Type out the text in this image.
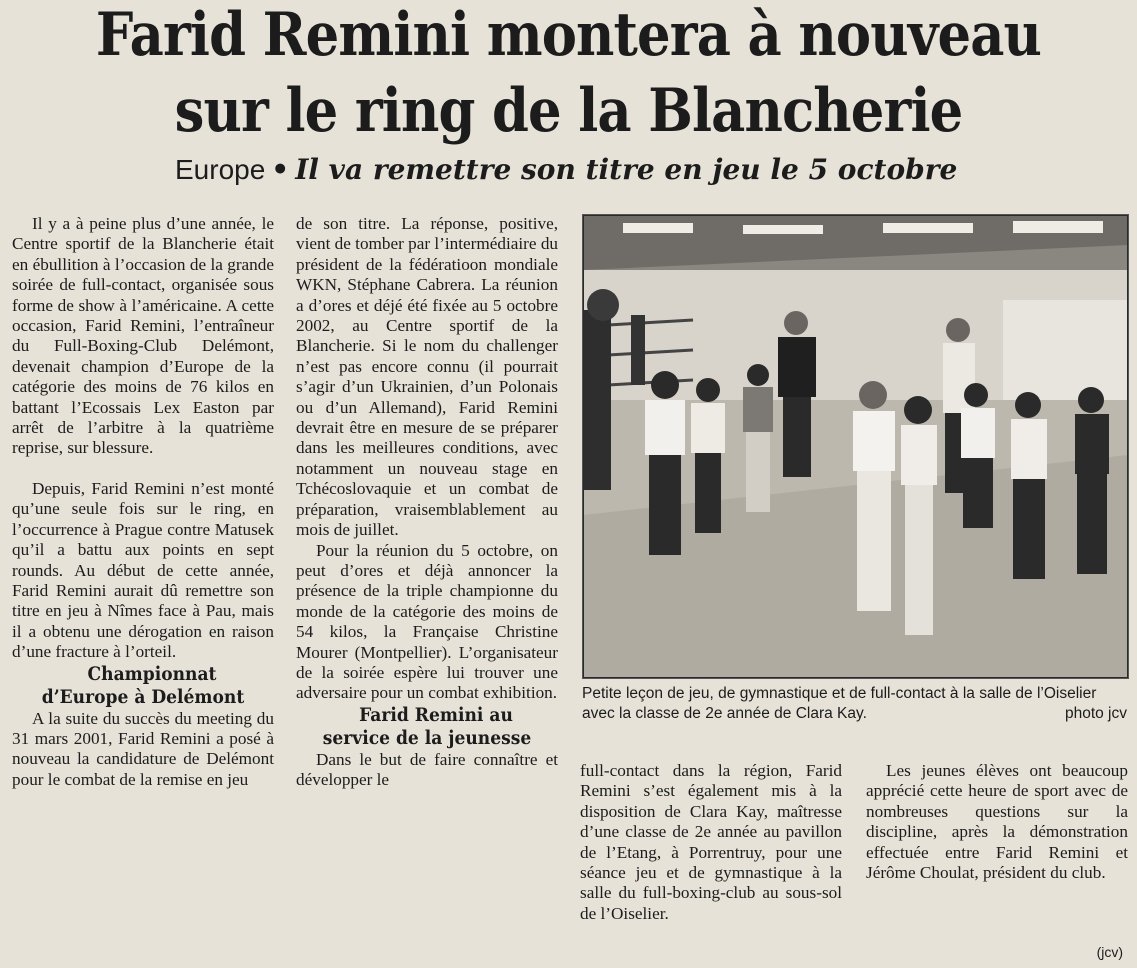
Farid Remini montera à nouveau
sur le ring de la Blancherie
Europe • Il va remettre son titre en jeu le 5 octobre

Il y a à peine plus d’une année, le Centre sportif de la Blancherie était en ébullition à l’occasion de la grande soirée de full-contact, organisée sous forme de show à l’américaine. A cette occasion, Farid Remini, l’entraîneur du Full-Boxing-Club Delémont, devenait champion d’Europe de la catégorie des moins de 76 kilos en battant l’Ecossais Lex Easton par arrêt de l’arbitre à la quatrième reprise, sur blessure.

Depuis, Farid Remini n’est monté qu’une seule fois sur le ring, en l’occurrence à Prague contre Matusek qu’il a battu aux points en sept rounds. Au début de cette année, Farid Remini aurait dû remettre son titre en jeu à Nîmes face à Pau, mais il a obtenu une dérogation en raison d’une fracture à l’orteil.

Championnat d’Europe à Delémont

A la suite du succès du meeting du 31 mars 2001, Farid Remini a posé à nouveau la candidature de Delémont pour le combat de la remise en jeu

de son titre. La réponse, positive, vient de tomber par l’intermédiaire du président de la fédératioon mondiale WKN, Stéphane Cabrera. La réunion a d’ores et déjé été fixée au 5 octobre 2002, au Centre sportif de la Blancherie. Si le nom du challenger n’est pas encore connu (il pourrait s’agir d’un Ukrainien, d’un Polonais ou d’un Allemand), Farid Remini devrait être en mesure de se préparer dans les meilleures conditions, avec notamment un nouveau stage en Tchécoslovaquie et un combat de préparation, vraisemblablement au mois de juillet.

Pour la réunion du 5 octobre, on peut d’ores et déjà annoncer la présence de la triple championne du monde de la catégorie des moins de 54 kilos, la Française Christine Mourer (Montpellier). L’organisateur de la soirée espère lui trouver une adversaire pour un combat exhibition.

Farid Remini au service de la jeunesse

Dans le but de faire connaître et développer le

Petite leçon de jeu, de gymnastique et de full-contact à la salle de l’Oiselier avec la classe de 2e année de Clara Kay.	photo jcv

full-contact dans la région, Farid Remini s’est également mis à la disposition de Clara Kay, maîtresse d’une classe de 2e année au pavillon de l’Etang, à Porrentruy, pour une séance jeu et de gymnastique à la salle du full-boxing-club au sous-sol de l’Oiselier.

Les jeunes élèves ont beaucoup apprécié cette heure de sport avec de nombreuses questions sur la discipline, après la démonstration effectuée entre Farid Remini et Jérôme Choulat, président du club.

(jcv)
